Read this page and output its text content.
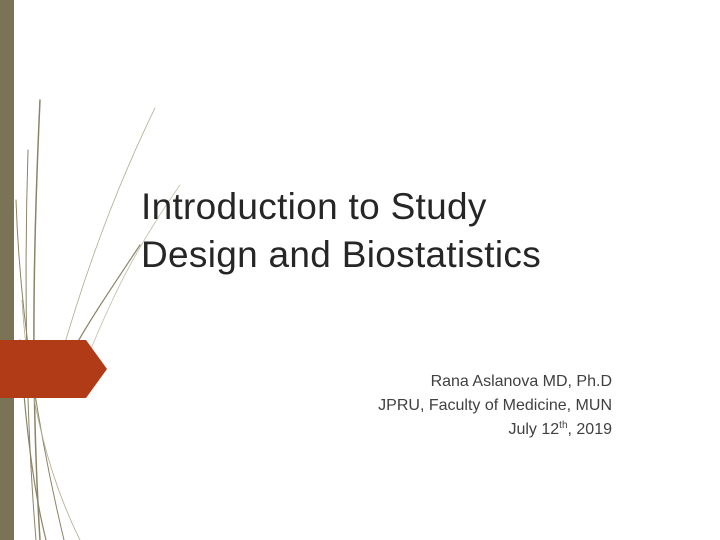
Introduction to Study
Design and Biostatistics
Rana Aslanova MD, Ph.D
JPRU, Faculty of Medicine, MUN
July 12th, 2019
